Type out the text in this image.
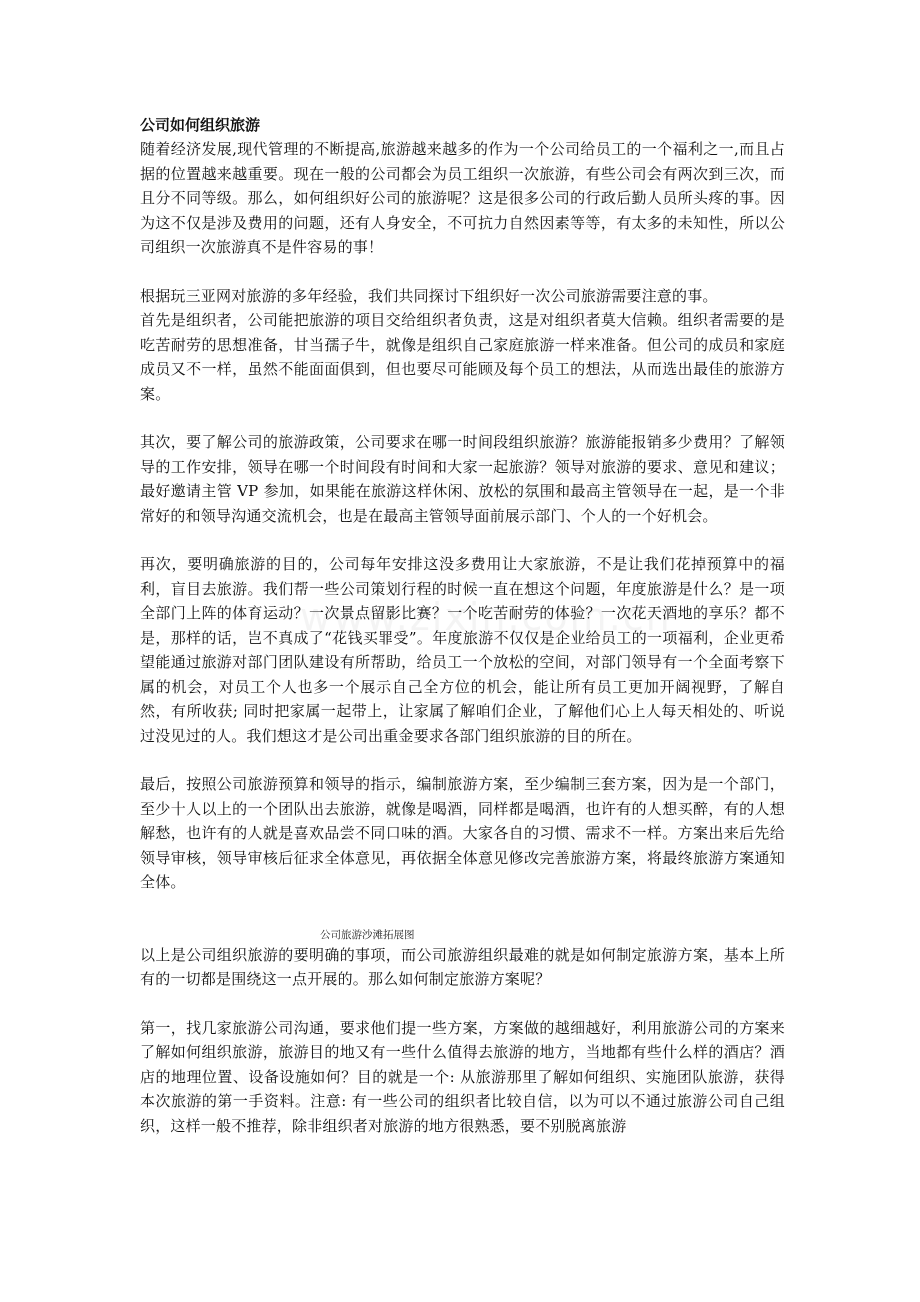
公司如何组织旅游

随着经济发展,现代管理的不断提高,旅游越来越多的作为一个公司给员工的一个福利之一,而且占据的位置越来越重要。现在一般的公司都会为员工组织一次旅游，有些公司会有两次到三次，而且分不同等级。那么，如何组织好公司的旅游呢？这是很多公司的行政后勤人员所头疼的事。因为这不仅是涉及费用的问题，还有人身安全，不可抗力自然因素等等，有太多的未知性，所以公司组织一次旅游真不是件容易的事！

根据玩三亚网对旅游的多年经验，我们共同探讨下组织好一次公司旅游需要注意的事。

首先是组织者，公司能把旅游的项目交给组织者负责，这是对组织者莫大信赖。组织者需要的是吃苦耐劳的思想准备，甘当孺子牛，就像是组织自己家庭旅游一样来准备。但公司的成员和家庭成员又不一样，虽然不能面面俱到，但也要尽可能顾及每个员工的想法，从而选出最佳的旅游方案。

其次，要了解公司的旅游政策，公司要求在哪一时间段组织旅游？旅游能报销多少费用？了解领导的工作安排，领导在哪一个时间段有时间和大家一起旅游？领导对旅游的要求、意见和建议；最好邀请主管 VP 参加，如果能在旅游这样休闲、放松的氛围和最高主管领导在一起，是一个非常好的和领导沟通交流机会，也是在最高主管领导面前展示部门、个人的一个好机会。

再次，要明确旅游的目的，公司每年安排这没多费用让大家旅游，不是让我们花掉预算中的福利，盲目去旅游。我们帮一些公司策划行程的时候一直在想这个问题，年度旅游是什么？是一项全部门上阵的体育运动？一次景点留影比赛？一个吃苦耐劳的体验？一次花天酒地的享乐？都不是，那样的话，岂不真成了“花钱买罪受”。年度旅游不仅仅是企业给员工的一项福利，企业更希望能通过旅游对部门团队建设有所帮助，给员工一个放松的空间，对部门领导有一个全面考察下属的机会，对员工个人也多一个展示自己全方位的机会，能让所有员工更加开阔视野，了解自然，有所收获; 同时把家属一起带上，让家属了解咱们企业，了解他们心上人每天相处的、听说过没见过的人。我们想这才是公司出重金要求各部门组织旅游的目的所在。

最后，按照公司旅游预算和领导的指示，编制旅游方案，至少编制三套方案，因为是一个部门，至少十人以上的一个团队出去旅游，就像是喝酒，同样都是喝酒，也许有的人想买醉，有的人想解愁，也许有的人就是喜欢品尝不同口味的酒。大家各自的习惯、需求不一样。方案出来后先给领导审核，领导审核后征求全体意见，再依据全体意见修改完善旅游方案，将最终旅游方案通知全体。

公司旅游沙滩拓展图

以上是公司组织旅游的要明确的事项，而公司旅游组织最难的就是如何制定旅游方案，基本上所有的一切都是围绕这一点开展的。那么如何制定旅游方案呢？

第一，找几家旅游公司沟通，要求他们提一些方案，方案做的越细越好，利用旅游公司的方案来了解如何组织旅游，旅游目的地又有一些什么值得去旅游的地方，当地都有些什么样的酒店？酒店的地理位置、设备设施如何？目的就是一个: 从旅游那里了解如何组织、实施团队旅游，获得本次旅游的第一手资料。注意: 有一些公司的组织者比较自信，以为可以不通过旅游公司自己组织，这样一般不推荐，除非组织者对旅游的地方很熟悉，要不别脱离旅游
